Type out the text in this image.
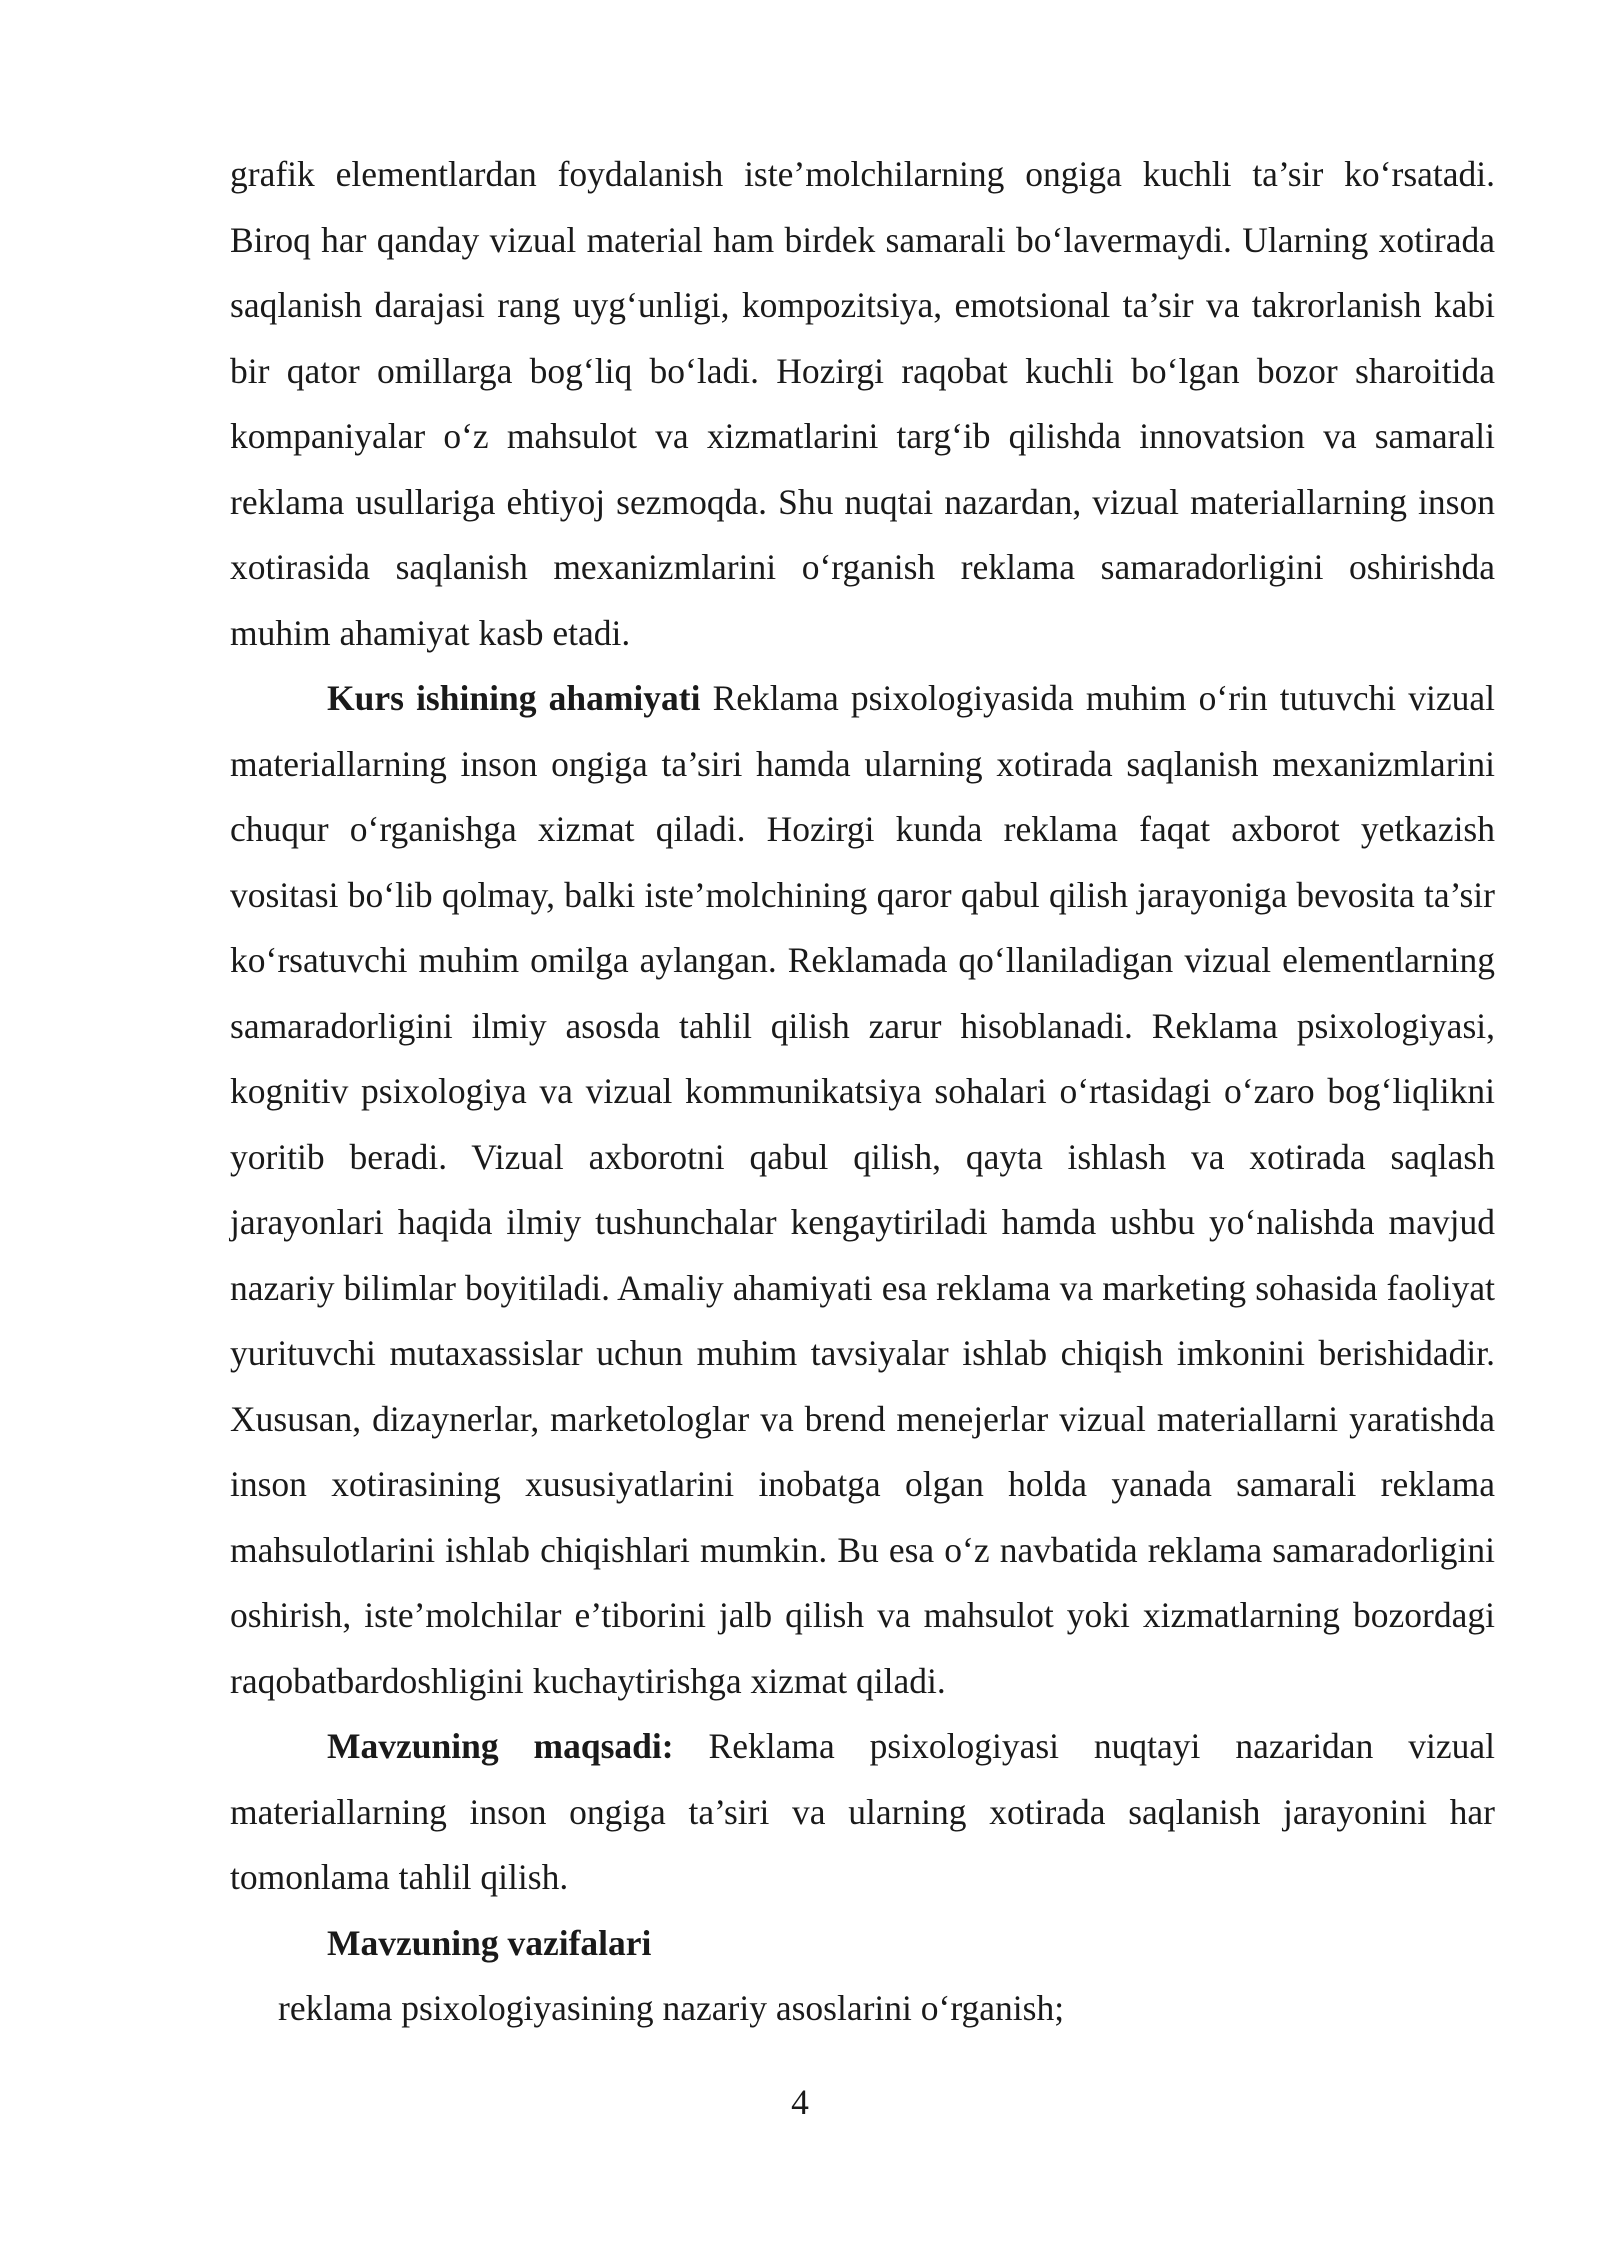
grafik elementlardan foydalanish iste’molchilarning ongiga kuchli ta’sir ko‘rsatadi. Biroq har qanday vizual material ham birdek samarali bo‘lavermaydi. Ularning xotirada saqlanish darajasi rang uyg‘unligi, kompozitsiya, emotsional ta’sir va takrorlanish kabi bir qator omillarga bog‘liq bo‘ladi. Hozirgi raqobat kuchli bo‘lgan bozor sharoitida kompaniyalar o‘z mahsulot va xizmatlarini targ‘ib qilishda innovatsion va samarali reklama usullariga ehtiyoj sezmoqda. Shu nuqtai nazardan, vizual materiallarning inson xotirasida saqlanish mexanizmlarini o‘rganish reklama samaradorligini oshirishda muhim ahamiyat kasb etadi.

Kurs ishining ahamiyati Reklama psixologiyasida muhim o‘rin tutuvchi vizual materiallarning inson ongiga ta’siri hamda ularning xotirada saqlanish mexanizmlarini chuqur o‘rganishga xizmat qiladi. Hozirgi kunda reklama faqat axborot yetkazish vositasi bo‘lib qolmay, balki iste’molchining qaror qabul qilish jarayoniga bevosita ta’sir ko‘rsatuvchi muhim omilga aylangan. Reklamada qo‘llaniladigan vizual elementlarning samaradorligini ilmiy asosda tahlil qilish zarur hisoblanadi. Reklama psixologiyasi, kognitiv psixologiya va vizual kommunikatsiya sohalari o‘rtasidagi o‘zaro bog‘liqlikni yoritib beradi. Vizual axborotni qabul qilish, qayta ishlash va xotirada saqlash jarayonlari haqida ilmiy tushunchalar kengaytiriladi hamda ushbu yo‘nalishda mavjud nazariy bilimlar boyitiladi. Amaliy ahamiyati esa reklama va marketing sohasida faoliyat yurituvchi mutaxassislar uchun muhim tavsiyalar ishlab chiqish imkonini berishidadir. Xususan, dizaynerlar, marketologlar va brend menejerlar vizual materiallarni yaratishda inson xotirasining xususiyatlarini inobatga olgan holda yanada samarali reklama mahsulotlarini ishlab chiqishlari mumkin. Bu esa o‘z navbatida reklama samaradorligini oshirish, iste’molchilar e’tiborini jalb qilish va mahsulot yoki xizmatlarning bozordagi raqobatbardoshligini kuchaytirishga xizmat qiladi.

Mavzuning maqsadi: Reklama psixologiyasi nuqtayi nazaridan vizual materiallarning inson ongiga ta’siri va ularning xotirada saqlanish jarayonini har tomonlama tahlil qilish.

Mavzuning vazifalari

reklama psixologiyasining nazariy asoslarini o‘rganish;

4
